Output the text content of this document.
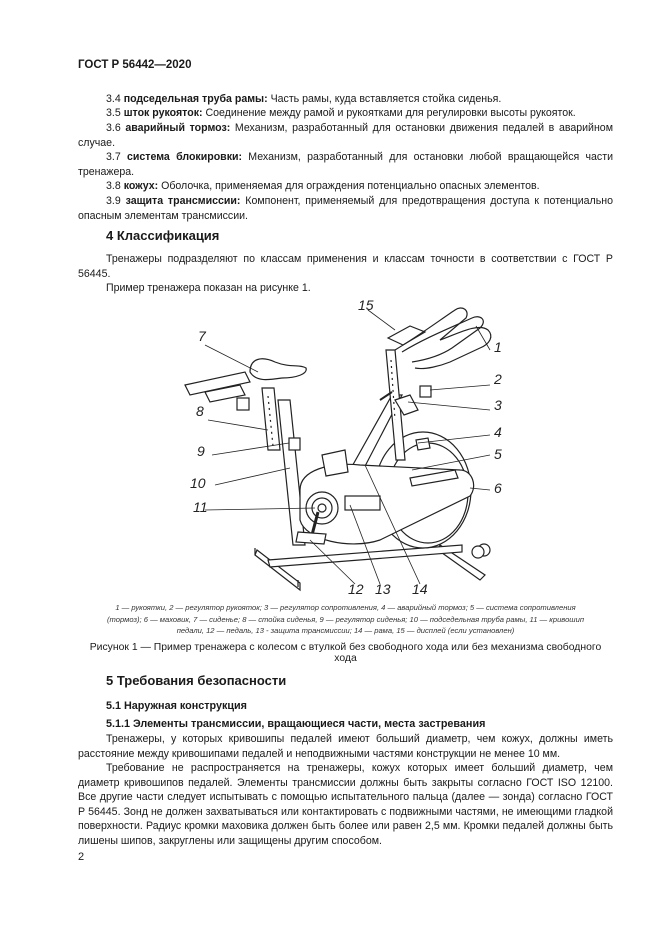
ГОСТ Р 56442—2020
3.4 подседельная труба рамы: Часть рамы, куда вставляется стойка сиденья.
3.5 шток рукояток: Соединение между рамой и рукоятками для регулировки высоты рукояток.
3.6 аварийный тормоз: Механизм, разработанный для остановки движения педалей в аварийном случае.
3.7 система блокировки: Механизм, разработанный для остановки любой вращающейся части тренажера.
3.8 кожух: Оболочка, применяемая для ограждения потенциально опасных элементов.
3.9 защита трансмиссии: Компонент, применяемый для предотвращения доступа к потенциально опасным элементам трансмиссии.
4 Классификация
Тренажеры подразделяют по классам применения и классам точности в соответствии с ГОСТ Р 56445.
Пример тренажера показан на рисунке 1.
7
8
9
10
11
15
1
2
3
4
5
6
12 13 14
1 — рукоятки, 2 — регулятор рукояток; 3 — регулятор сопротивления, 4 — аварийный тормоз; 5 — система сопротивления
(тормоз); 6 — маховик, 7 — сиденье; 8 — стойка сиденья, 9 — регулятор сиденья; 10 — подседельная труба рамы, 11 — кривошип
педали, 12 — педаль, 13 - защита трансмиссии; 14 — рама, 15 — дисплей (если установлен)
Рисунок 1 — Пример тренажера с колесом с втулкой без свободного хода или без механизма свободного хода
5 Требования безопасности
5.1 Наружная конструкция
5.1.1 Элементы трансмиссии, вращающиеся части, места застревания
Тренажеры, у которых кривошипы педалей имеют больший диаметр, чем кожух, должны иметь расстояние между кривошипами педалей и неподвижными частями конструкции не менее 10 мм.
Требование не распространяется на тренажеры, кожух которых имеет больший диаметр, чем диаметр кривошипов педалей. Элементы трансмиссии должны быть закрыты согласно ГОСТ ISO 12100. Все другие части следует испытывать с помощью испытательного пальца (далее — зонда) согласно ГОСТ Р 56445. Зонд не должен захватываться или контактировать с подвижными частями, не имеющими гладкой поверхности. Радиус кромки маховика должен быть более или равен 2,5 мм. Кромки педалей должны быть лишены шипов, закруглены или защищены другим способом.
2
